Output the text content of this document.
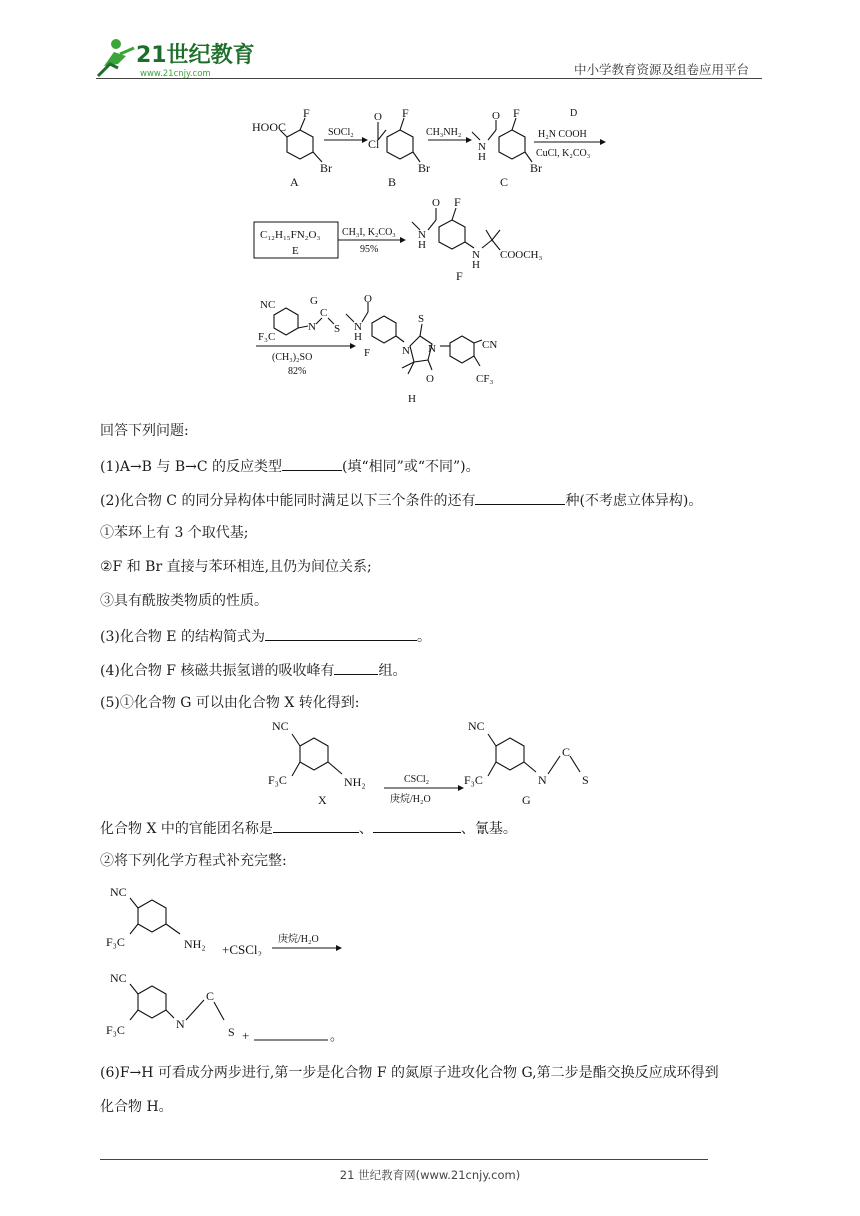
21世纪教育
www.21cnjy.com	中小学教育资源及组卷应用平台
HOOC
F
Br
A
SOCl₂
O
Cl
F
Br
B
CH₃NH₂
N
H
O F
Br
C
D
H₂N COOH
CuCl, K₂CO₃
C₁₂H₁₅FN₂O₃
E
CH₃I, K₂CO₃
95%
N
H
O F
N
H
COOCH₃
F
NC
F₃C
N
C
G
S
(CH₃)₂SO
82%
N
H
O
F	N
S
N
O
H
CN
CF₃
回答下列问题:
(1)A→B 与 B→C 的反应类型	(填“相同”或“不同”)。
(2)化合物 C 的同分异构体中能同时满足以下三个条件的还有	种(不考虑立体异构)。
①苯环上有 3 个取代基;
②F 和 Br 直接与苯环相连,且仍为间位关系;
③具有酰胺类物质的性质。
(3)化合物 E 的结构简式为	。
(4)化合物 F 核磁共振氢谱的吸收峰有	组。
(5)①化合物 G 可以由化合物 X 转化得到:
NC
F₃C	NH₂
X
CSCl₂
庚烷/H₂O
NC
F₃C	N
C
S
G
化合物 X 中的官能团名称是	、	、氰基。
②将下列化学方程式补充完整:
NC
F₃C	NH₂ +CSCl₂
庚烷/H₂O
NC
F₃C	N
C
S +	。
(6)F→H 可看成分两步进行,第一步是化合物 F 的氮原子进攻化合物 G,第二步是酯交换反应成环得到
化合物 H。
21 世纪教育网(www.21cnjy.com)
